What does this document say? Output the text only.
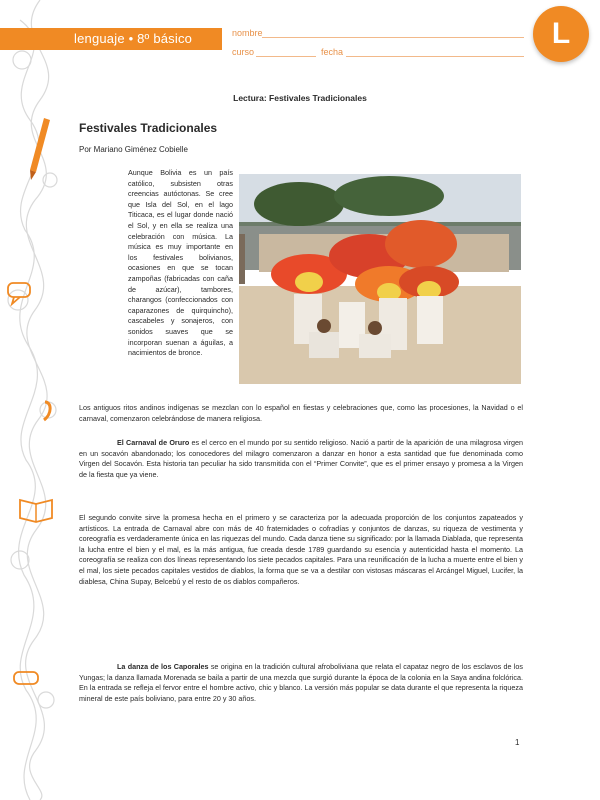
lenguaje • 8º básico	nombre
curso	fecha
L
Lectura: Festivales Tradicionales
Festivales Tradicionales
Por Mariano Giménez Cobielle
Aunque Bolivia es un país católico, subsisten otras creencias autóctonas. Se cree que Isla del Sol, en el lago Titicaca, es el lugar donde nació el Sol, y en ella se realiza una celebración con música. La música es muy importante en los festivales bolivianos, ocasiones en que se tocan zampoñas (fabricadas con caña de azúcar), tambores, charangos (confeccionados con caparazones de quirquincho), cascabeles y sonajeros, con sonidos suaves que se incorporan suenan a águilas, a nacimientos de bronce.
Los antiguos ritos andinos indígenas se mezclan con lo español en fiestas y celebraciones que, como las procesiones, la Navidad o el carnaval, comenzaron celebrándose de manera religiosa.
El Carnaval de Oruro es el cerco en el mundo por su sentido religioso. Nació a partir de la aparición de una milagrosa virgen en un socavón abandonado; los conocedores del milagro comenzaron a danzar en honor a esta santidad que fue denominada como Virgen del Socavón. Esta historia tan peculiar ha sido transmitida con el “Primer Convite”, que es el primer ensayo y promesa a la Virgen de la fiesta que ya viene.
El segundo convite sirve la promesa hecha en el primero y se caracteriza por la adecuada proporción de los conjuntos zapateados y artísticos. La entrada de Carnaval abre con más de 40 fraternidades o cofradías y conjuntos de danzas, su riqueza de vestimenta y coreografía es verdaderamente única en las riquezas del mundo. Cada danza tiene su significado: por la llamada Diablada, que representa la lucha entre el bien y el mal, es la más antigua, fue creada desde 1789 guardando su esencia y autenticidad hasta el momento. La coreografía se realiza con dos líneas representando los siete pecados capitales. Para una reunificación de la lucha a muerte entre el bien y el mal, los siete pecados capitales vestidos de diablos, la forma que se va a destilar con vistosas máscaras el Arcángel Miguel, Lucifer, la diablesa, China Supay, Belcebú y el resto de os diablos compañeros.
La danza de los Caporales se origina en la tradición cultural afroboliviana que relata el capataz negro de los esclavos de los Yungas; la danza llamada Morenada se baila a partir de una mezcla que surgió durante la época de la colonia en la Saya andina folclórica. En la entrada se refleja el fervor entre el hombre activo, chic y blanco. La versión más popular se data durante el que representa la riqueza mineral de este país boliviano, para entre 20 y 30 años.
1
